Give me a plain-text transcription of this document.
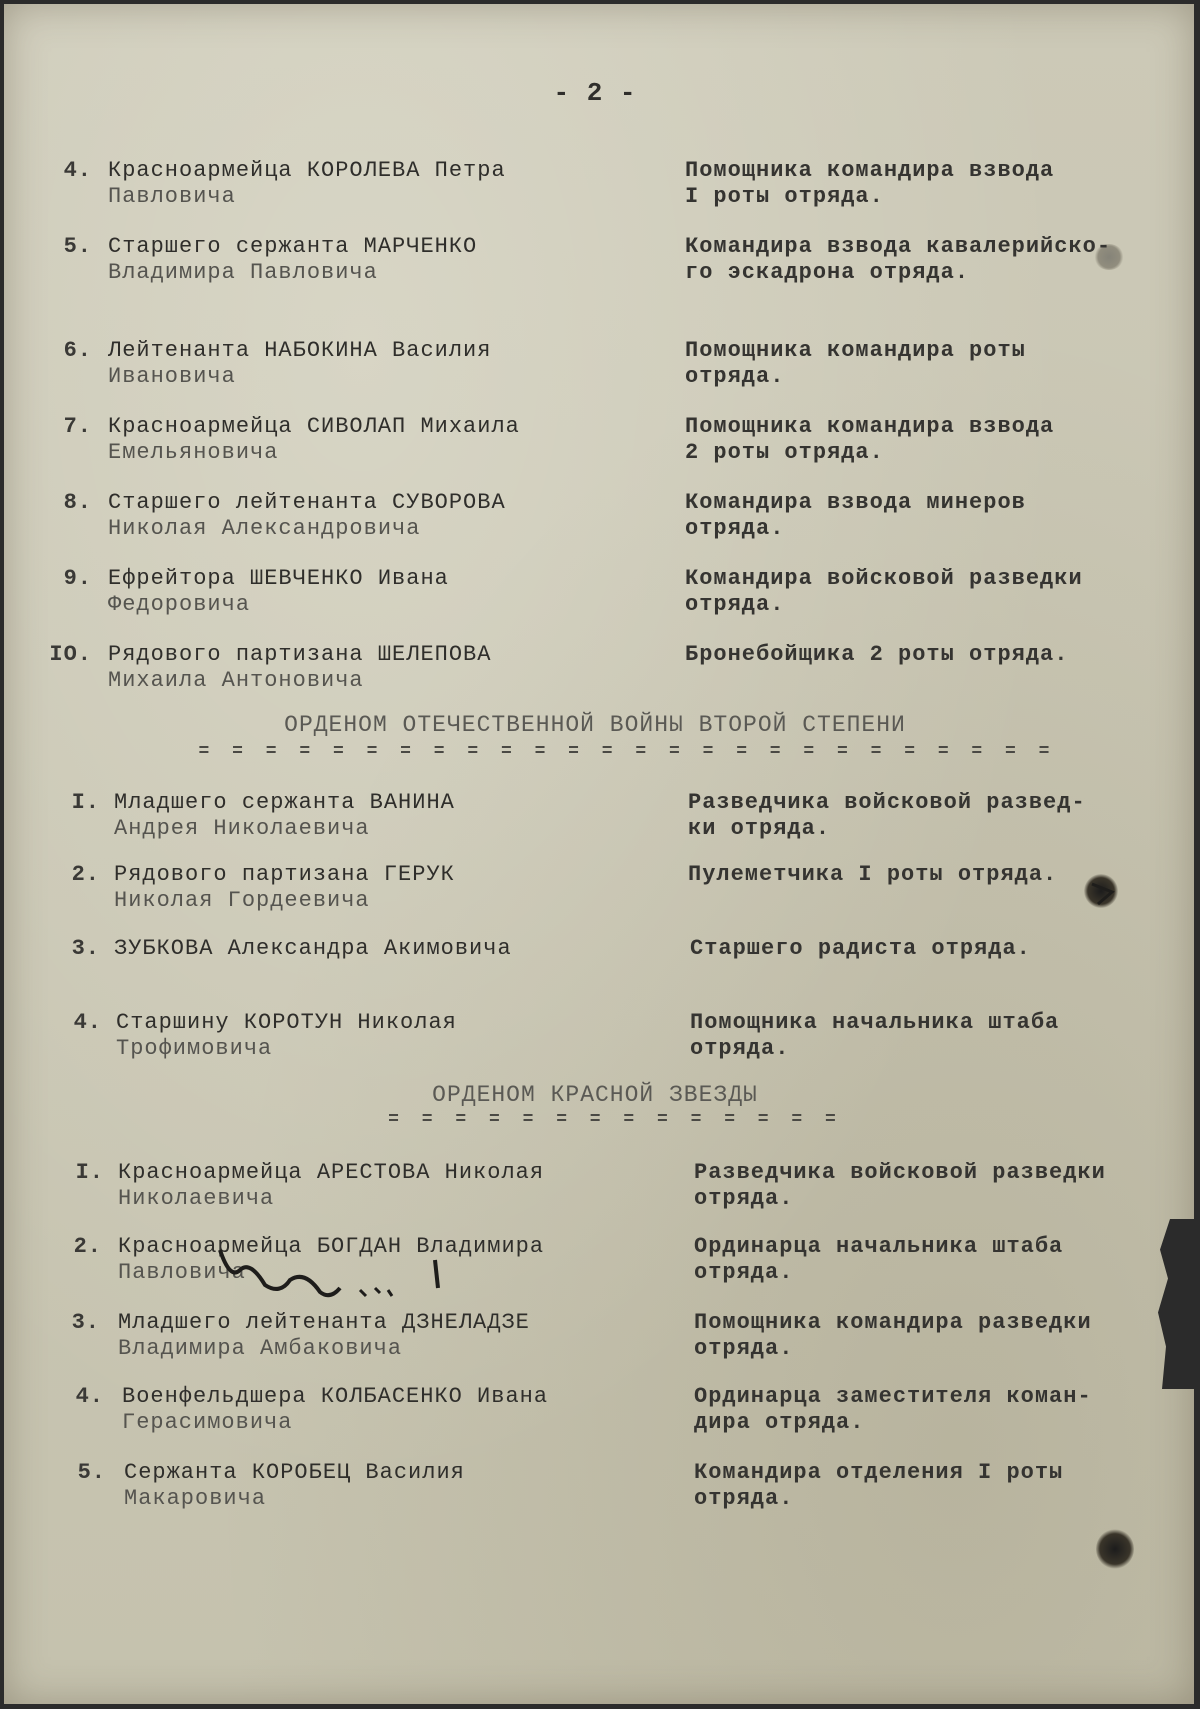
- 2 -
4. Красноармейца КОРОЛЕВА Петра
Павловича
Помощника командира взвода
I роты отряда.
5. Старшего сержанта МАРЧЕНКО
Владимира Павловича
Командира взвода кавалерийско-
го эскадрона отряда.
6. Лейтенанта НАБОКИНА Василия
Ивановича
Помощника командира роты
отряда.
7. Красноармейца СИВОЛАП Михаила
Емельяновича
Помощника командира взвода
2 роты отряда.
8. Старшего лейтенанта СУВОРОВА
Николая Александровича
Командира взвода минеров
отряда.
9. Ефрейтора ШЕВЧЕНКО Ивана
Федоровича
Командира войсковой разведки
отряда.
IO. Рядового партизана ШЕЛЕПОВА
Михаила Антоновича
Бронебойщика 2 роты отряда.
ОРДЕНОМ ОТЕЧЕСТВЕННОЙ ВОЙНЫ ВТОРОЙ СТЕПЕНИ
= = = = = = = = = = = = = = = = = = = = = = = = = =
I. Младшего сержанта ВАНИНА
Андрея Николаевича
Разведчика войсковой развед-
ки отряда.
2. Рядового партизана ГЕРУК
Николая Гордеевича
Пулеметчика I роты отряда.
3. ЗУБКОВА Александра Акимовича	Старшего радиста отряда.
4. Старшину КОРОТУН Николая
Трофимовича
Помощника начальника штаба
отряда.
ОРДЕНОМ КРАСНОЙ ЗВЕЗДЫ
= = = = = = = = = = = = = =
I. Красноармейца АРЕСТОВА Николая
Николаевича
Разведчика войсковой разведки
отряда.
2. Красноармейца БОГДАН Владимира
Павловича
Ординарца начальника штаба
отряда.
3. Младшего лейтенанта ДЗНЕЛАДЗЕ
Владимира Амбаковича
Помощника командира разведки
отряда.
4. Военфельдшера КОЛБАСЕНКО Ивана
Герасимовича
Ординарца заместителя коман-
дира отряда.
5. Сержанта КОРОБЕЦ Василия
Макаровича
Командира отделения I роты
отряда.
